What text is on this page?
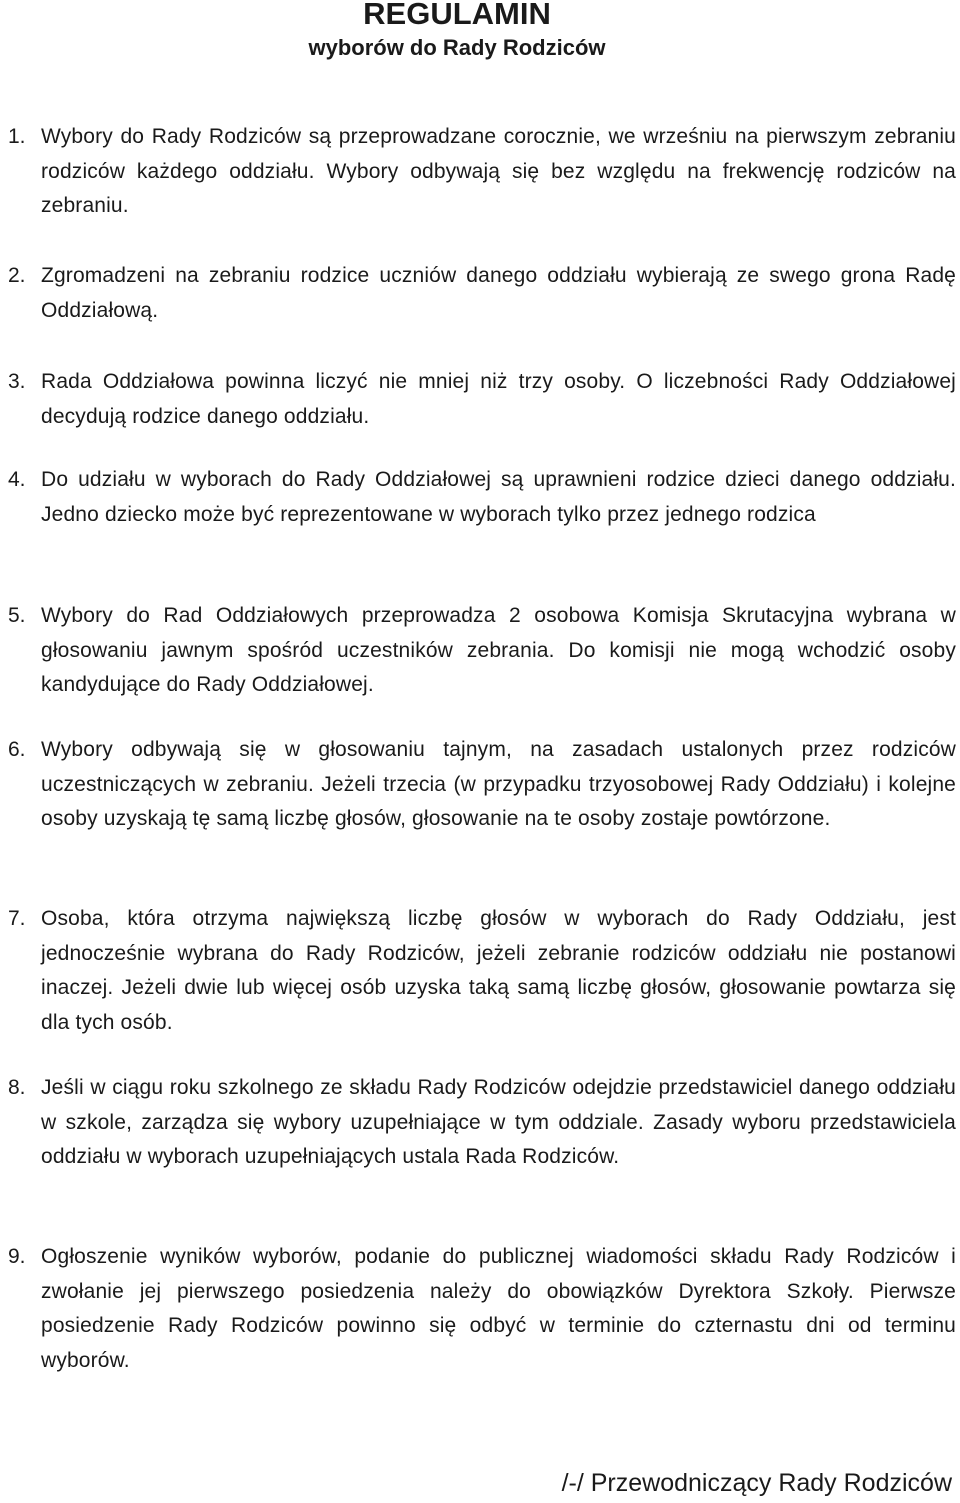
REGULAMIN
wyborów do Rady Rodziców
1. Wybory do Rady Rodziców są przeprowadzane corocznie, we wrześniu na pierwszym zebraniu rodziców każdego oddziału. Wybory odbywają się bez względu na frekwencję rodziców na zebraniu.
2. Zgromadzeni na zebraniu rodzice uczniów danego oddziału wybierają ze swego grona Radę Oddziałową.
3. Rada Oddziałowa powinna liczyć nie mniej niż trzy osoby. O liczebności Rady Oddziałowej decydują rodzice danego oddziału.
4. Do udziału w wyborach do Rady Oddziałowej są uprawnieni rodzice dzieci danego oddziału. Jedno dziecko może być reprezentowane w wyborach tylko przez jednego rodzica
5. Wybory do Rad Oddziałowych przeprowadza 2 osobowa Komisja Skrutacyjna wybrana w głosowaniu jawnym spośród uczestników zebrania. Do komisji nie mogą wchodzić osoby kandydujące do Rady Oddziałowej.
6. Wybory odbywają się w głosowaniu tajnym, na zasadach ustalonych przez rodziców uczestniczących w zebraniu. Jeżeli trzecia (w przypadku trzyosobowej Rady Oddziału) i kolejne osoby uzyskają tę samą liczbę głosów, głosowanie na te osoby zostaje powtórzone.
7. Osoba, która otrzyma największą liczbę głosów w wyborach do Rady Oddziału, jest jednocześnie wybrana do Rady Rodziców, jeżeli zebranie rodziców oddziału nie postanowi inaczej. Jeżeli dwie lub więcej osób uzyska taką samą liczbę głosów, głosowanie powtarza się dla tych osób.
8. Jeśli w ciągu roku szkolnego ze składu Rady Rodziców odejdzie przedstawiciel danego oddziału w szkole, zarządza się wybory uzupełniające w tym oddziale. Zasady wyboru przedstawiciela oddziału w wyborach uzupełniających ustala Rada Rodziców.
9. Ogłoszenie wyników wyborów, podanie do publicznej wiadomości składu Rady Rodziców i zwołanie jej pierwszego posiedzenia należy do obowiązków Dyrektora Szkoły. Pierwsze posiedzenie Rady Rodziców powinno się odbyć w terminie do czternastu dni od terminu wyborów.

/-/ Przewodniczący Rady Rodziców
